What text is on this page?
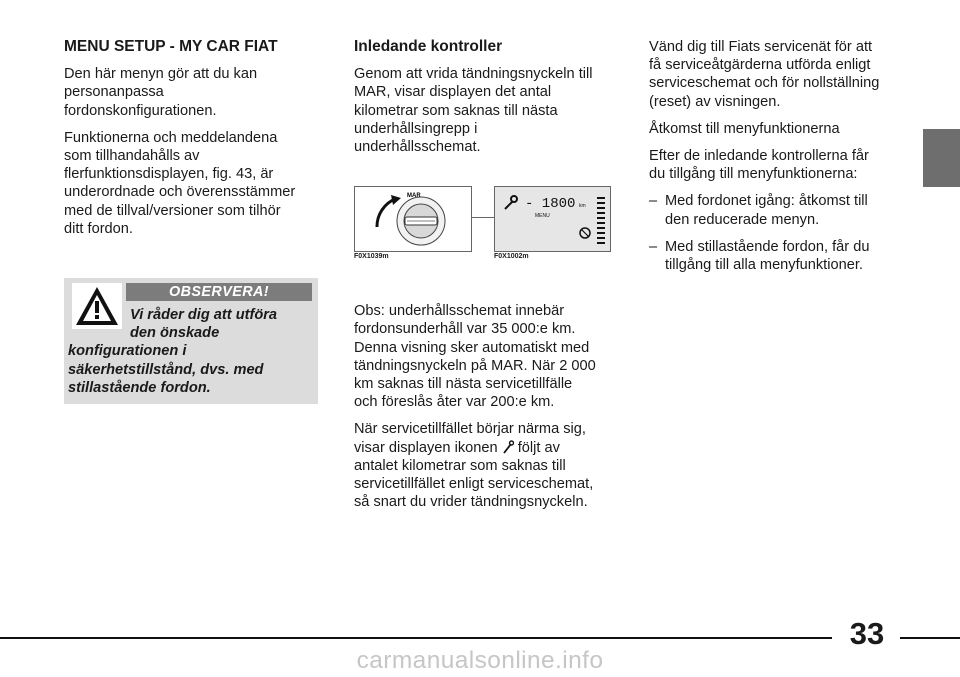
MENU SETUP - MY CAR FIAT

Den här menyn gör att du kan
personanpassa
fordonskonfigurationen.

Funktionerna och meddelandena
som tillhandahålls av
flerfunktionsdisplayen, fig. 43, är
underordnade och överensstämmer
med de tillval/versioner som tilhör
ditt fordon.

OBSERVERA!
Vi råder dig att utföra
den önskade
konfigurationen i
säkerhetstillstånd, dvs. med
stillastående fordon.
Inledande kontroller

Genom att vrida tändningsnyckeln till
MAR, visar displayen det antal
kilometrar som saknas till nästa
underhållsingrepp i
underhållsschemat.

MAR	- 1800 km
MENU
F0X1039m	F0X1002m

Obs: underhållsschemat innebär
fordonsunderhåll var 35 000:e km.
Denna visning sker automatiskt med
tändningsnyckeln på MAR. När 2 000
km saknas till nästa servicetillfälle
och föreslås åter var 200:e km.

När servicetillfället börjar närma sig,
visar displayen ikonen  följt av
antalet kilometrar som saknas till
servicetillfället enligt serviceschemat,
så snart du vrider tändningsnyckeln.

Vänd dig till Fiats servicenät för att
få serviceåtgärderna utförda enligt
serviceschemat och för nollställning
(reset) av visningen.

Åtkomst till menyfunktionerna

Efter de inledande kontrollerna får
du tillgång till menyfunktionerna:

– Med fordonet igång: åtkomst till
den reducerade menyn.
– Med stillastående fordon, får du
tillgång till alla menyfunktioner.
33
carmanualsonline.info
